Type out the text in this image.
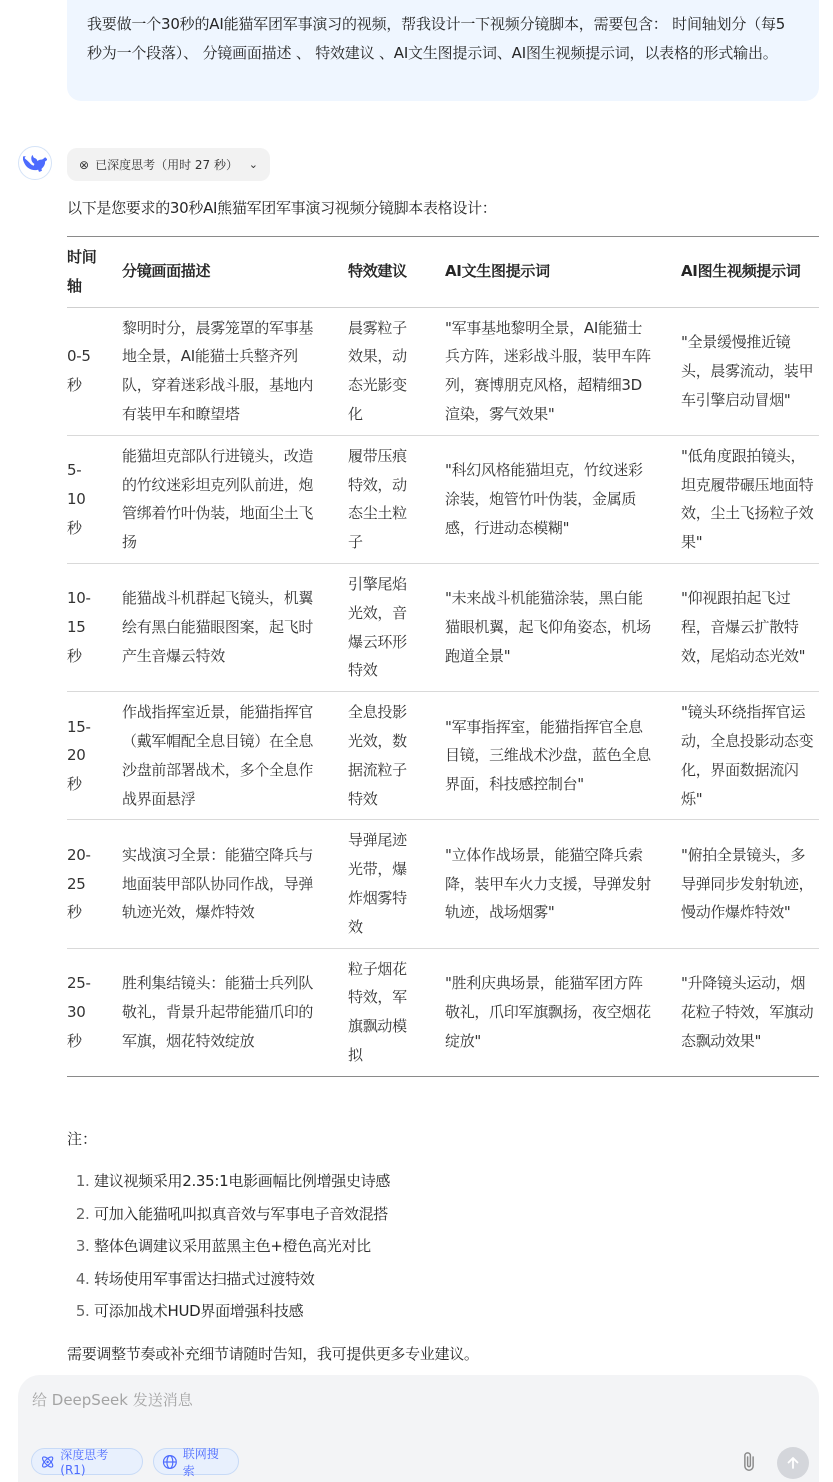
我要做一个30秒的AI能猫军团军事演习的视频，帮我设计一下视频分镜脚本，需要包含： 时间轴划分（每5秒为一个段落）、 分镜画面描述 、 特效建议 、AI文生图提示词、AI图生视频提示词，以表格的形式输出。
⊗ 已深度思考（用时 27 秒） ⌄
以下是您要求的30秒AI熊猫军团军事演习视频分镜脚本表格设计：
时间轴	分镜画面描述	特效建议	AI文生图提示词	AI图生视频提示词
0-5秒	黎明时分，晨雾笼罩的军事基地全景，AI能猫士兵整齐列队，穿着迷彩战斗服，基地内有装甲车和瞭望塔	晨雾粒子效果，动态光影变化	"军事基地黎明全景，AI能猫士兵方阵，迷彩战斗服，装甲车阵列，赛博朋克风格，超精细3D渲染，雾气效果"	"全景缓慢推近镜头，晨雾流动，装甲车引擎启动冒烟"
5-10秒	能猫坦克部队行进镜头，改造的竹纹迷彩坦克列队前进，炮管绑着竹叶伪装，地面尘土飞扬	履带压痕特效，动态尘土粒子	"科幻风格能猫坦克，竹纹迷彩涂装，炮管竹叶伪装，金属质感，行进动态模糊"	"低角度跟拍镜头，坦克履带碾压地面特效，尘土飞扬粒子效果"
10-15秒	能猫战斗机群起飞镜头，机翼绘有黑白能猫眼图案，起飞时产生音爆云特效	引擎尾焰光效，音爆云环形特效	"未来战斗机能猫涂装，黑白能猫眼机翼，起飞仰角姿态，机场跑道全景"	"仰视跟拍起飞过程，音爆云扩散特效，尾焰动态光效"
15-20秒	作战指挥室近景，能猫指挥官（戴军帽配全息目镜）在全息沙盘前部署战术，多个全息作战界面悬浮	全息投影光效，数据流粒子特效	"军事指挥室，能猫指挥官全息目镜，三维战术沙盘，蓝色全息界面，科技感控制台"	"镜头环绕指挥官运动，全息投影动态变化，界面数据流闪烁"
20-25秒	实战演习全景：能猫空降兵与地面装甲部队协同作战，导弹轨迹光效，爆炸特效	导弹尾迹光带，爆炸烟雾特效	"立体作战场景，能猫空降兵索降，装甲车火力支援，导弹发射轨迹，战场烟雾"	"俯拍全景镜头，多导弹同步发射轨迹，慢动作爆炸特效"
25-30秒	胜利集结镜头：能猫士兵列队敬礼，背景升起带能猫爪印的军旗，烟花特效绽放	粒子烟花特效，军旗飘动模拟	"胜利庆典场景，能猫军团方阵敬礼，爪印军旗飘扬，夜空烟花绽放"	"升降镜头运动，烟花粒子特效，军旗动态飘动效果"
注：
1. 建议视频采用2.35:1电影画幅比例增强史诗感
2. 可加入能猫吼叫拟真音效与军事电子音效混搭
3. 整体色调建议采用蓝黑主色+橙色高光对比
4. 转场使用军事雷达扫描式过渡特效
5. 可添加战术HUD界面增强科技感
需要调整节奏或补充细节请随时告知，我可提供更多专业建议。
给 DeepSeek 发送消息
深度思考 (R1)
联网搜索
